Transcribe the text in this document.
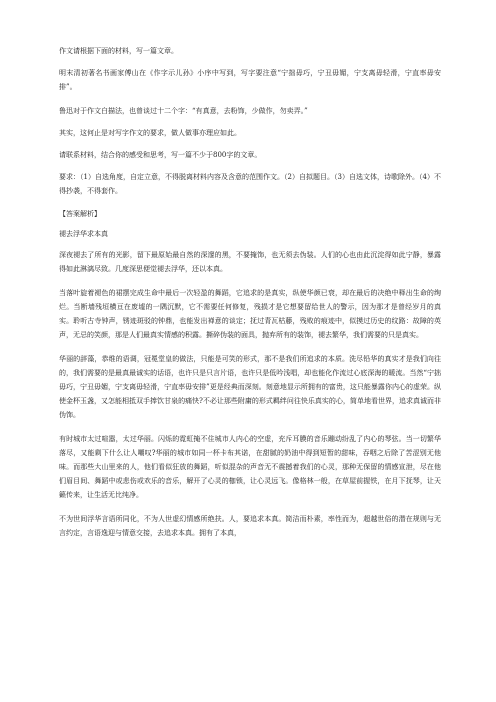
作文请根据下面的材料，写一篇文章。

明末清初著名书画家傅山在《作字示儿孙》小序中写到，写字要注意“宁拙毋巧，宁丑毋媚，宁支离毋轻滑，宁直率毋安排”。

鲁迅对于作文白描法，也曾谈过十二个字：“有真意，去粉饰，少做作，勿卖弄。”

其实，这何止是对写字作文的要求，做人做事亦理应如此。

请联系材料，结合你的感受和思考，写一篇不少于800字的文章。

要求：（1）自选角度，自定立意，不得脱离材料内容及含意的范围作文。（2）自拟题目。（3）自选文体，诗歌除外。（4）不得抄袭，不得套作。

【答案解析】

褪去浮华求本真

深夜褪去了所有的光影，留下最原始最自然的深邃的黑，不要掩饰，也无须去伪装。人们的心也由此沉淀得如此宁静，暴露得如此淋漓尽致。几度深思便觉褪去浮华，还以本真。

当落叶旋着褪色的裙摆完成生命中最后一次轻盈的舞蹈，它追求的是真实，纵使华颜已衰，却在最后的决绝中释出生命的绚烂。当断墙残垣横亘在废墟的一隅沉默，它不需要任何修复，残损才是它想要留给世人的警示，因为那才是曾经岁月的真实。聆听古寺钟声，锈迹斑驳的钟鼎，也能发出禅意的谈定；抚过青瓦枯藤，残败的痕迹中，似摸过历史的纹路：故障的英声，无忌的笑颜，那是人们最真实情感的积露。撕碎伪装的面具，抛弃所有的装饰，褪去繁华，我们需要的只是真实。

华丽的辞藻，恭维的语调，冠冕堂皇的做法，只能是可笑的形式，那不是我们所追求的本质。洗尽铅华的真实才是我们向往的，我们需要的是最真最诚实的话语，也许只是只言片语，也许只是低吟浅唱，却也能化作流过心底深海的暖流。当然“宁拙毋巧，宁丑毋媚，宁支离毋轻滑，宁直率毋安排”更是经典而深刻。刻意地显示所拥有的富贵，这只能暴露你内心的虚荣。纵使金杯玉盏，又怎能相抵双手捧饮甘泉的痛快?不必让那些附庸的形式羁绊问往快乐真实的心，简单地看世界，追求真诚而非伪饰。

有时城市太过喧嚣，太过华丽。闪烁的霓虹掩不住城市人内心的空虚，充斥耳膜的音乐蹦动纷乱了内心的琴弦。当一切繁华落尽，又能剩下什么让人嘲叹?华丽的城市如同一杯卡布其诺，在甜腻的奶油中得到短暂的甜味，吞咽之后除了苦涩别无他味。而那些大山里来的人，他们看似狂放的舞蹈，听似混杂的声音无不震撼着我们的心灵，那种无保留的情感宣泄，尽在他们眉目间、舞蹈中或悲伤或欢乐的音乐，解开了心灵的枷锁，让心灵远飞。像格林一般，在草屋前握铁，在月下抚琴，让天籁传来，让生活无比纯净。

不为世间浮华言语所同化，不为人世虚幻情感所绝扶。人，要追求本真。简洁而朴素，率性而为，超越世俗的潜在规则与无言约定，言语逸迎与情意交接，去追求本真。拥有了本真，
